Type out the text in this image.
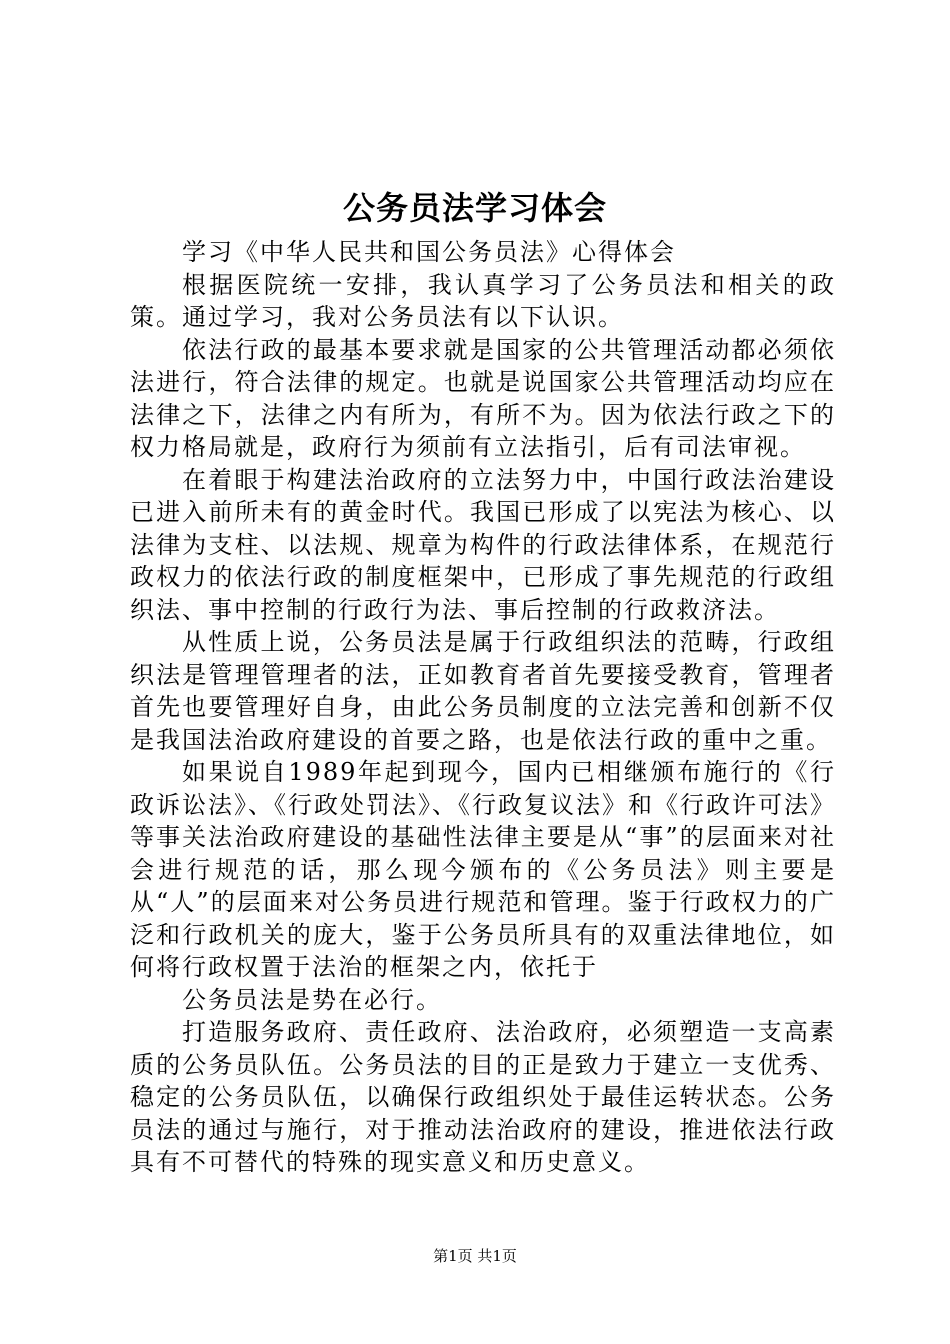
公务员法学习体会

学习《中华人民共和国公务员法》心得体会

根据医院统一安排，我认真学习了公务员法和相关的政策。通过学习，我对公务员法有以下认识。

依法行政的最基本要求就是国家的公共管理活动都必须依法进行，符合法律的规定。也就是说国家公共管理活动均应在法律之下，法律之内有所为，有所不为。因为依法行政之下的权力格局就是，政府行为须前有立法指引，后有司法审视。

在着眼于构建法治政府的立法努力中，中国行政法治建设已进入前所未有的黄金时代。我国已形成了以宪法为核心、以法律为支柱、以法规、规章为构件的行政法律体系，在规范行政权力的依法行政的制度框架中，已形成了事先规范的行政组织法、事中控制的行政行为法、事后控制的行政救济法。

从性质上说，公务员法是属于行政组织法的范畴，行政组织法是管理管理者的法，正如教育者首先要接受教育，管理者首先也要管理好自身，由此公务员制度的立法完善和创新不仅是我国法治政府建设的首要之路，也是依法行政的重中之重。

如果说自1989年起到现今，国内已相继颁布施行的《行政诉讼法》、《行政处罚法》、《行政复议法》和《行政许可法》等事关法治政府建设的基础性法律主要是从“事”的层面来对社会进行规范的话，那么现今颁布的《公务员法》则主要是从“人”的层面来对公务员进行规范和管理。鉴于行政权力的广泛和行政机关的庞大，鉴于公务员所具有的双重法律地位，如何将行政权置于法治的框架之内，依托于

公务员法是势在必行。

打造服务政府、责任政府、法治政府，必须塑造一支高素质的公务员队伍。公务员法的目的正是致力于建立一支优秀、稳定的公务员队伍，以确保行政组织处于最佳运转状态。公务员法的通过与施行，对于推动法治政府的建设，推进依法行政具有不可替代的特殊的现实意义和历史意义。

第1页 共1页
